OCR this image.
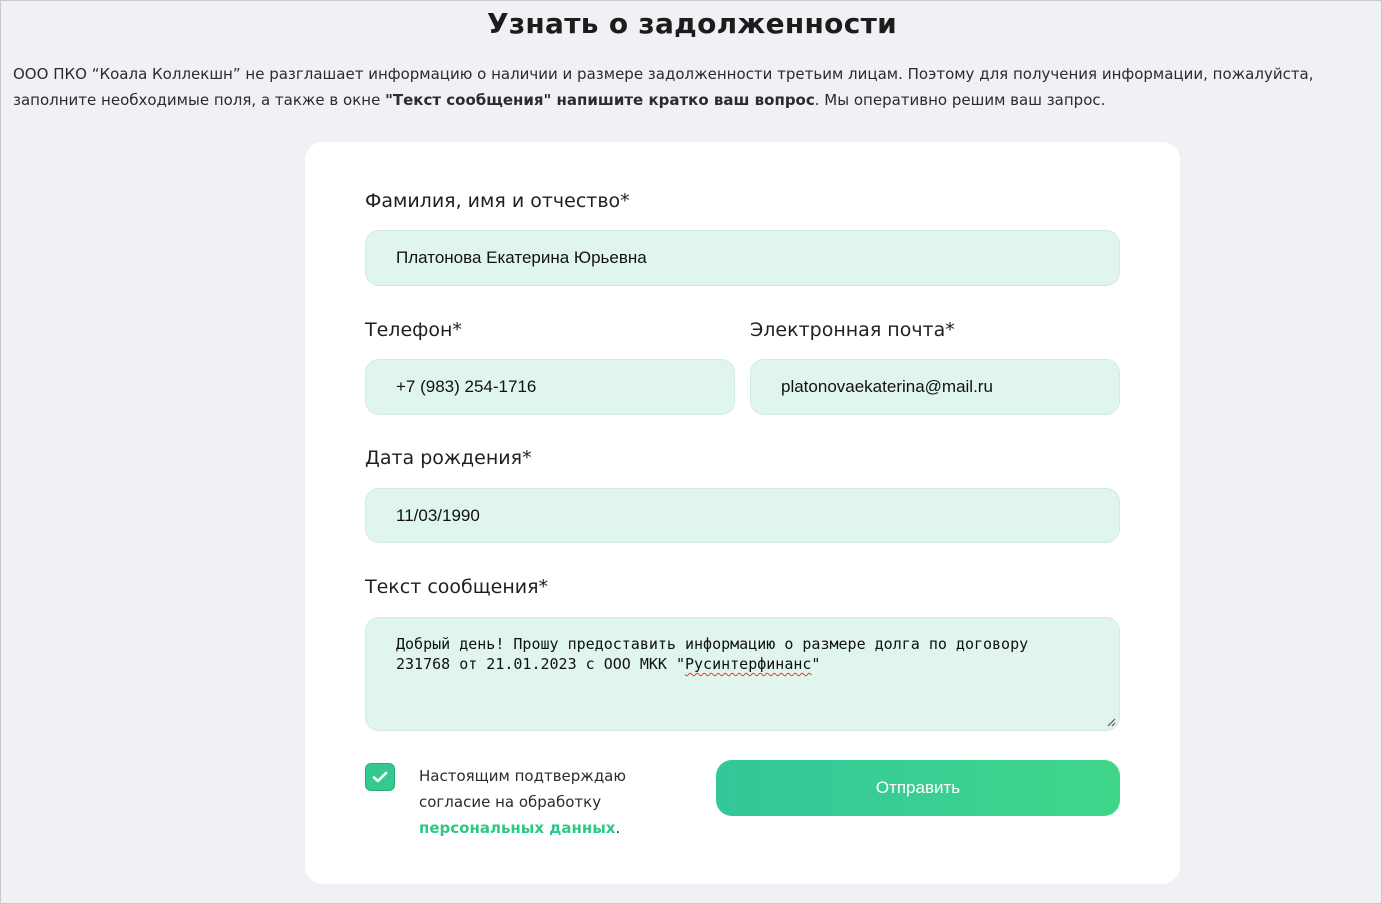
Узнать о задолженности
ООО ПКО “Коала Коллекшн” не разглашает информацию о наличии и размере задолженности третьим лицам. Поэтому для получения информации, пожалуйста, заполните необходимые поля, а также в окне "Текст сообщения" напишите кратко ваш вопрос. Мы оперативно решим ваш запрос.
Фамилия, имя и отчество*
Платонова Екатерина Юрьевна
Телефон*
+7 (983) 254-1716
Электронная почта*
platonovaekaterina@mail.ru
Дата рождения*
11/03/1990
Текст сообщения*
Добрый день! Прошу предоставить информацию о размере долга по договору 231768 от 21.01.2023 с ООО МКК "Русинтерфинанс"
Настоящим подтверждаю согласие на обработку персональных данных.
Отправить
